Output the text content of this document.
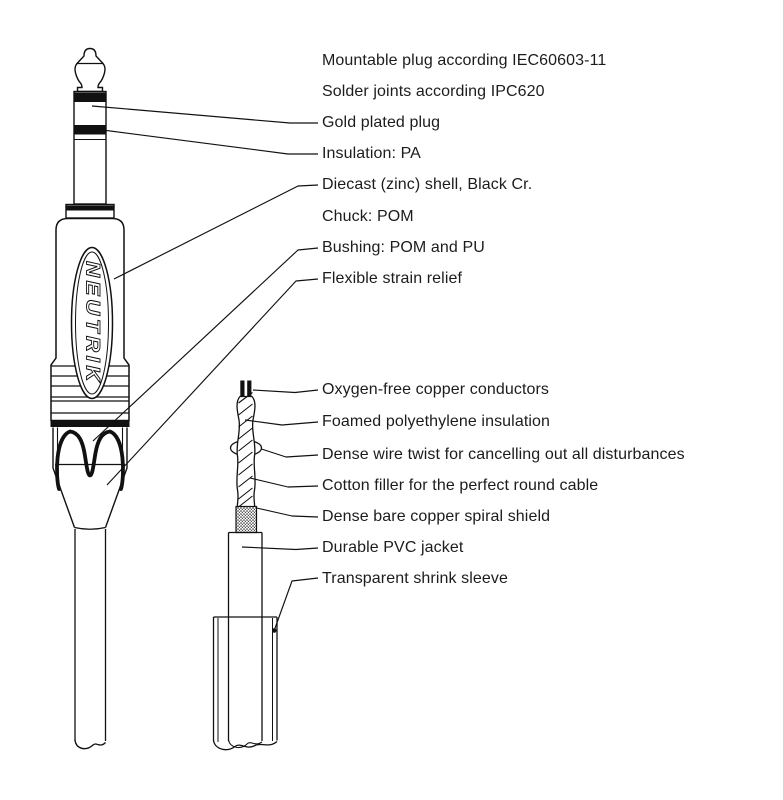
NEUTRIK
Mountable plug according IEC60603-11
Solder joints according IPC620
Gold plated plug
Insulation: PA
Diecast (zinc) shell, Black Cr.
Chuck: POM
Bushing: POM and PU
Flexible strain relief
Oxygen-free copper conductors
Foamed polyethylene insulation
Dense wire twist for cancelling out all disturbances
Cotton filler for the perfect round cable
Dense bare copper spiral shield
Durable PVC jacket
Transparent shrink sleeve
